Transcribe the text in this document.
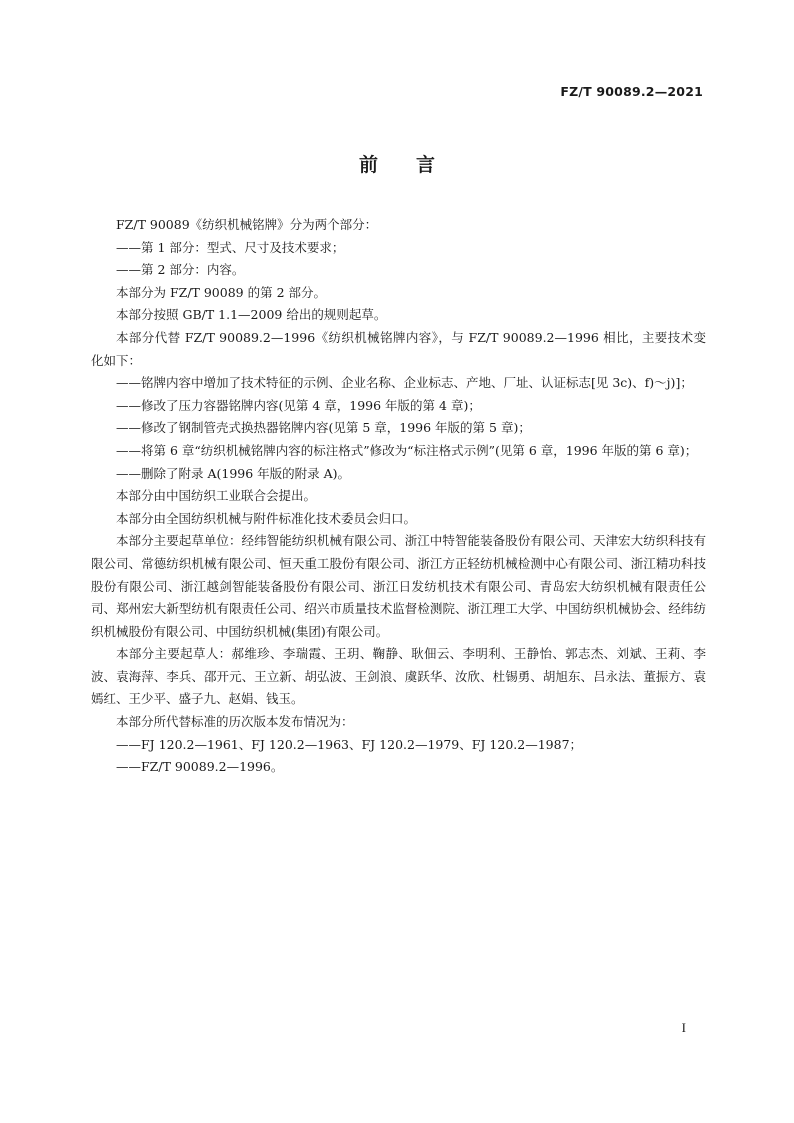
FZ/T 90089.2—2021
前言

FZ/T 90089《纺织机械铭牌》分为两个部分：

——第 1 部分：型式、尺寸及技术要求；

——第 2 部分：内容。

本部分为 FZ/T 90089 的第 2 部分。

本部分按照 GB/T 1.1—2009 给出的规则起草。

本部分代替 FZ/T 90089.2—1996《纺织机械铭牌内容》，与 FZ/T 90089.2—1996 相比，主要技术变化如下：

——铭牌内容中增加了技术特征的示例、企业名称、企业标志、产地、厂址、认证标志[见 3c)、f)～j)]；

——修改了压力容器铭牌内容(见第 4 章，1996 年版的第 4 章)；

——修改了钢制管壳式换热器铭牌内容(见第 5 章，1996 年版的第 5 章)；

——将第 6 章“纺织机械铭牌内容的标注格式”修改为“标注格式示例”(见第 6 章，1996 年版的第 6 章)；

——删除了附录 A(1996 年版的附录 A)。

本部分由中国纺织工业联合会提出。

本部分由全国纺织机械与附件标准化技术委员会归口。

本部分主要起草单位：经纬智能纺织机械有限公司、浙江中特智能装备股份有限公司、天津宏大纺织科技有限公司、常德纺织机械有限公司、恒天重工股份有限公司、浙江方正轻纺机械检测中心有限公司、浙江精功科技股份有限公司、浙江越剑智能装备股份有限公司、浙江日发纺机技术有限公司、青岛宏大纺织机械有限责任公司、郑州宏大新型纺机有限责任公司、绍兴市质量技术监督检测院、浙江理工大学、中国纺织机械协会、经纬纺织机械股份有限公司、中国纺织机械(集团)有限公司。

本部分主要起草人：郝维珍、李瑞霞、王玥、鞠静、耿佃云、李明利、王静怡、郭志杰、刘斌、王莉、李波、袁海萍、李兵、邵开元、王立新、胡弘波、王剑浪、虞跃华、汝欣、杜锡勇、胡旭东、吕永法、董振方、袁嫣红、王少平、盛子九、赵娟、钱玉。

本部分所代替标准的历次版本发布情况为：

——FJ 120.2—1961、FJ 120.2—1963、FJ 120.2—1979、FJ 120.2—1987；

——FZ/T 90089.2—1996。

I
